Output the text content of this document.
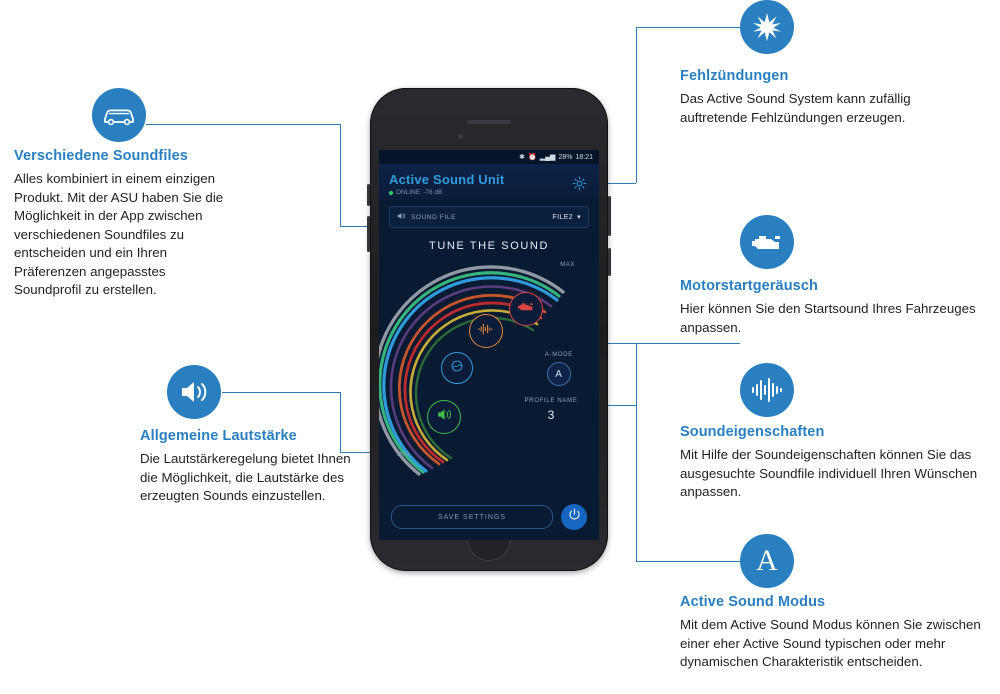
A
Verschiedene Soundfiles

Alles kombiniert in einem einzigen Produkt. Mit der ASU haben Sie die Möglichkeit in der App zwischen verschiedenen Soundfiles zu entscheiden und ein Ihren Präferenzen angepasstes Soundprofil zu erstellen.

Allgemeine Lautstärke

Die Lautstärkeregelung bietet Ihnen die Möglichkeit, die Lautstärke des erzeugten Sounds einzustellen.

Fehlzündungen

Das Active Sound System kann zufällig auftretende Fehlzündungen erzeugen.

Motorstartgeräusch

Hier können Sie den Startsound Ihres Fahrzeuges anpassen.

Soundeigenschaften

Mit Hilfe der Soundeigenschaften können Sie das ausgesuchte Soundfile individuell Ihren Wünschen anpassen.

Active Sound Modus

Mit dem Active Sound Modus können Sie zwischen einer eher Active Sound typischen oder mehr dynamischen Charakteristik entscheiden.

✱ ⏰ ▂▄▆ 28% 18:21
Active Sound Unit
ONLINE -78 dB
SOUND FILE	FILE2 ▾
TUNE THE SOUND
MAX
MIN
A-MODE
A
PROFILE NAME
3
SAVE SETTINGS
